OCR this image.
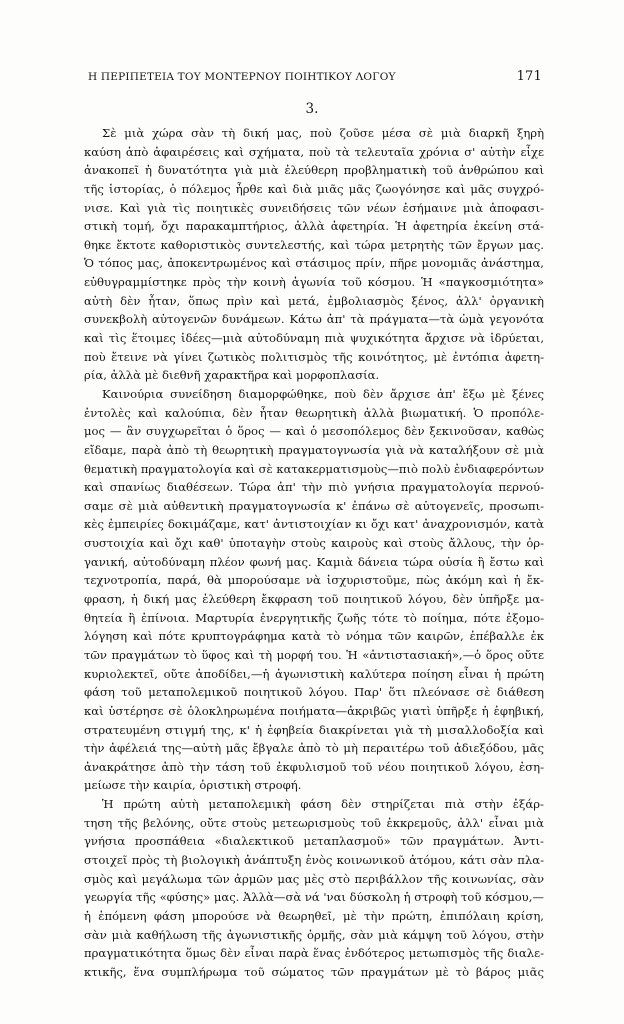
Η ΠΕΡΙΠΕΤΕΙΑ ΤΟΥ ΜΟΝΤΕΡΝΟΥ ΠΟΙΗΤΙΚΟΥ ΛΟΓΟΥ	171
3.
Σὲ μιὰ χώρα σὰν τὴ δική μας, ποὺ ζοῦσε μέσα σὲ μιὰ διαρκῆ ξηρὴ
καύση ἀπὸ ἀφαιρέσεις καὶ σχήματα, ποὺ τὰ τελευταῖα χρόνια σ' αὐτὴν εἶχε
ἀνακοπεῖ ἡ δυνατότητα γιὰ μιὰ ἐλεύθερη προβληματικὴ τοῦ ἀνθρώπου καὶ
τῆς ἱστορίας, ὁ πόλεμος ἦρθε καὶ διὰ μιᾶς μᾶς ζωογόνησε καὶ μᾶς συγχρό-
νισε. Καὶ γιὰ τὶς ποιητικὲς συνειδήσεις τῶν νέων ἐσήμαινε μιὰ ἀποφασι-
στικὴ τομή, ὄχι παρακαμπτήριος, ἀλλὰ ἀφετηρία. Ἡ ἀφετηρία ἐκείνη στά-
θηκε ἔκτοτε καθοριστικὸς συντελεστής, καὶ τώρα μετρητὴς τῶν ἔργων μας.
Ὁ τόπος μας, ἀποκεντρωμένος καὶ στάσιμος πρίν, πῆρε μονομιᾶς ἀνάστημα,
εὐθυγραμμίστηκε πρὸς τὴν κοινὴ ἀγωνία τοῦ κόσμου. Ἡ «παγκοσμιότητα»
αὐτὴ δὲν ἦταν, ὅπως πρὶν καὶ μετά, ἐμβολιασμὸς ξένος, ἀλλ' ὀργανικὴ
συνεκβολὴ αὐτογενῶν δυνάμεων. Κάτω ἀπ' τὰ πράγματα—τὰ ὠμὰ γεγονότα
καὶ τὶς ἕτοιμες ἰδέες—μιὰ αὐτοδύναμη πιὰ ψυχικότητα ἄρχισε νὰ ἰδρύεται,
ποὺ ἔτεινε νὰ γίνει ζωτικὸς πολιτισμὸς τῆς κοινότητος, μὲ ἐντόπια ἀφετη-
ρία, ἀλλὰ μὲ διεθνῆ χαρακτῆρα καὶ μορφοπλασία.
Καινούρια συνείδηση διαμορφώθηκε, ποὺ δὲν ἄρχισε ἀπ' ἔξω μὲ ξένες
ἐντολὲς καὶ καλούπια, δὲν ἦταν θεωρητικὴ ἀλλὰ βιωματική. Ὁ προπόλε-
μος — ἂν συγχωρεῖται ὁ ὅρος — καὶ ὁ μεσοπόλεμος δὲν ξεκινοῦσαν, καθὼς
εἴδαμε, παρὰ ἀπὸ τὴ θεωρητικὴ πραγματογνωσία γιὰ νὰ καταλήξουν σὲ μιὰ
θεματικὴ πραγματολογία καὶ σὲ κατακερματισμοὺς—πιὸ πολὺ ἐνδιαφερόντων
καὶ σπανίως διαθέσεων. Τώρα ἀπ' τὴν πιὸ γνήσια πραγματολογία περνού-
σαμε σὲ μιὰ αὐθεντικὴ πραγματογνωσία κ' ἐπάνω σὲ αὐτογενεῖς, προσωπι-
κὲς ἐμπειρίες δοκιμάζαμε, κατ' ἀντιστοιχίαν κι ὄχι κατ' ἀναχρονισμόν, κατὰ
συστοιχία καὶ ὄχι καθ' ὑποταγὴν στοὺς καιροὺς καὶ στοὺς ἄλλους, τὴν ὀρ-
γανική, αὐτοδύναμη πλέον φωνή μας. Καμιὰ δάνεια τώρα οὐσία ἢ ἔστω καὶ
τεχνοτροπία, παρά, θὰ μπορούσαμε νὰ ἰσχυριστοῦμε, πὼς ἀκόμη καὶ ἡ ἔκ-
φραση, ἡ δική μας ἐλεύθερη ἔκφραση τοῦ ποιητικοῦ λόγου, δὲν ὑπῆρξε μα-
θητεία ἢ ἐπίνοια. Μαρτυρία ἐνεργητικῆς ζωῆς τότε τὸ ποίημα, πότε ἐξομο-
λόγηση καὶ πότε κρυπτογράφημα κατὰ τὸ νόημα τῶν καιρῶν, ἐπέβαλλε ἐκ
τῶν πραγμάτων τὸ ὕφος καὶ τὴ μορφή του. Ἡ «ἀντιστασιακή»,—ὁ ὅρος οὔτε
κυριολεκτεῖ, οὔτε ἀποδίδει,—ἡ ἀγωνιστικὴ καλύτερα ποίηση εἶναι ἡ πρώτη
φάση τοῦ μεταπολεμικοῦ ποιητικοῦ λόγου. Παρ' ὅτι πλεόνασε σὲ διάθεση
καὶ ὑστέρησε σὲ ὁλοκληρωμένα ποιήματα—ἀκριβῶς γιατὶ ὑπῆρξε ἡ ἐφηβική,
στρατευμένη στιγμή της, κ' ἡ ἐφηβεία διακρίνεται γιὰ τὴ μισαλλοδοξία καὶ
τὴν ἀφέλειά της—αὐτὴ μᾶς ἔβγαλε ἀπὸ τὸ μὴ περαιτέρω τοῦ ἀδιεξόδου, μᾶς
ἀνακράτησε ἀπὸ τὴν τάση τοῦ ἐκφυλισμοῦ τοῦ νέου ποιητικοῦ λόγου, ἐση-
μείωσε τὴν καιρία, ὁριστικὴ στροφή.
Ἡ πρώτη αὐτὴ μεταπολεμικὴ φάση δὲν στηρίζεται πιὰ στὴν ἐξάρ-
τηση τῆς βελόνης, οὔτε στοὺς μετεωρισμοὺς τοῦ ἐκκρεμοῦς, ἀλλ' εἶναι μιὰ
γνήσια προσπάθεια «διαλεκτικοῦ μεταπλασμοῦ» τῶν πραγμάτων. Ἀντι-
στοιχεῖ πρὸς τὴ βιολογικὴ ἀνάπτυξη ἑνὸς κοινωνικοῦ ἀτόμου, κάτι σὰν πλα-
σμὸς καὶ μεγάλωμα τῶν ἀρμῶν μας μὲς στὸ περιβάλλον τῆς κοινωνίας, σὰν
γεωργία τῆς «φύσης» μας. Ἀλλὰ—σὰ νά 'ναι δύσκολη ἡ στροφὴ τοῦ κόσμου,—
ἡ ἑπόμενη φάση μπορούσε νὰ θεωρηθεῖ, μὲ τὴν πρώτη, ἐπιπόλαιη κρίση,
σὰν μιὰ καθήλωση τῆς ἀγωνιστικῆς ὁρμῆς, σὰν μιὰ κάμψη τοῦ λόγου, στὴν
πραγματικότητα ὅμως δὲν εἶναι παρὰ ἕνας ἐνδότερος μετωπισμὸς τῆς διαλε-
κτικῆς, ἕνα συμπλήρωμα τοῦ σώματος τῶν πραγμάτων μὲ τὸ βάρος μιᾶς
